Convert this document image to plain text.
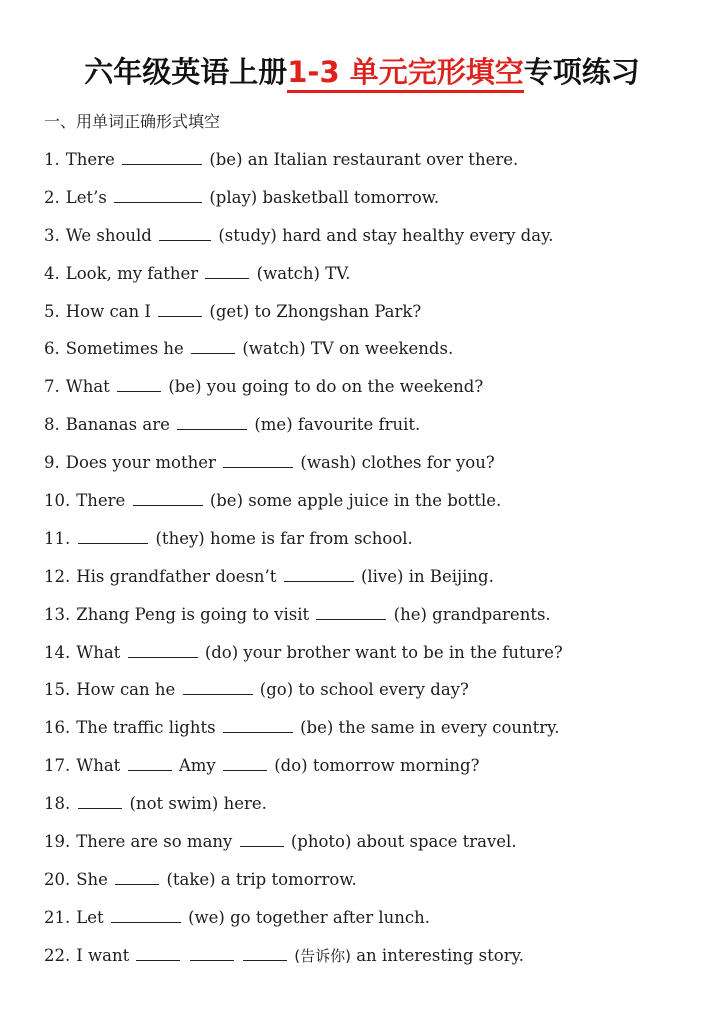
六年级英语上册1-3 单元完形填空专项练习
一、用单词正确形式填空
1. There	(be) an Italian restaurant over there.
2. Let’s	(play) basketball tomorrow.
3. We should	(study) hard and stay healthy every day.
4. Look, my father	(watch) TV.
5. How can I	(get) to Zhongshan Park?
6. Sometimes he	(watch) TV on weekends.
7. What	(be) you going to do on the weekend?
8. Bananas are	(me) favourite fruit.
9. Does your mother	(wash) clothes for you?
10. There	(be) some apple juice in the bottle.
11.	(they) home is far from school.
12. His grandfather doesn’t	(live) in Beijing.
13. Zhang Peng is going to visit	(he) grandparents.
14. What	(do) your brother want to be in the future?
15. How can he	(go) to school every day?
16. The traffic lights	(be) the same in every country.
17. What	Amy	(do) tomorrow morning?
18.	(not swim) here.
19. There are so many	(photo) about space travel.
20. She	(take) a trip tomorrow.
21. Let	(we) go together after lunch.
22. I want	(告诉你) an interesting story.
